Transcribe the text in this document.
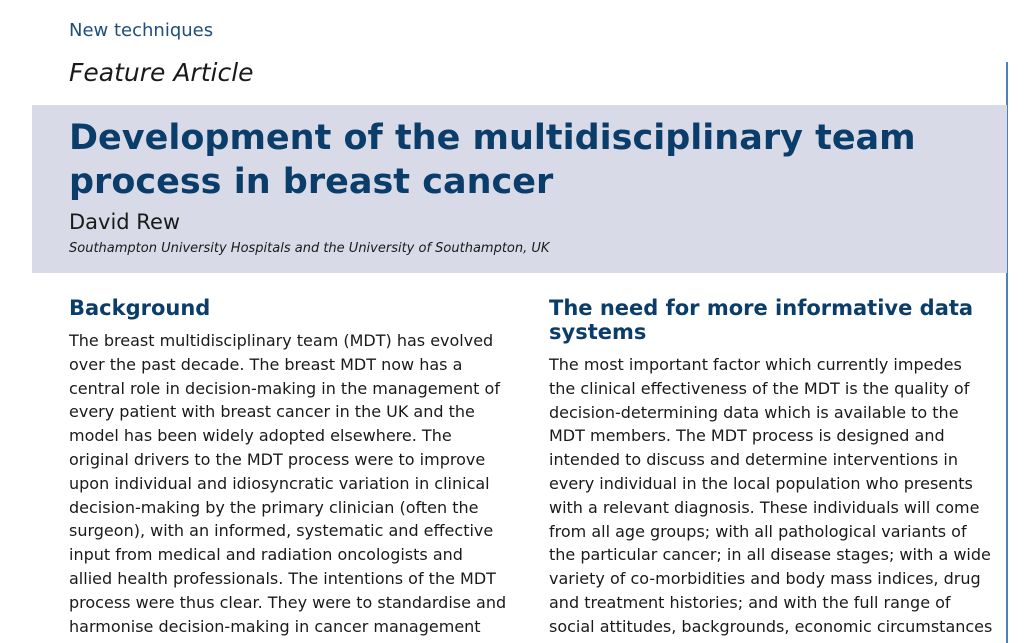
New techniques
Feature Article
Development of the multidisciplinary team process in breast cancer
David Rew
Southampton University Hospitals and the University of Southampton, UK
Background

The breast multidisciplinary team (MDT) has evolved
over the past decade. The breast MDT now has a
central role in decision-making in the management of
every patient with breast cancer in the UK and the
model has been widely adopted elsewhere. The
original drivers to the MDT process were to improve
upon individual and idiosyncratic variation in clinical
decision-making by the primary clinician (often the
surgeon), with an informed, systematic and effective
input from medical and radiation oncologists and
allied health professionals. The intentions of the MDT
process were thus clear. They were to standardise and
harmonise decision-making in cancer management

The need for more informative data systems

The most important factor which currently impedes
the clinical effectiveness of the MDT is the quality of
decision-determining data which is available to the
MDT members. The MDT process is designed and
intended to discuss and determine interventions in
every individual in the local population who presents
with a relevant diagnosis. These individuals will come
from all age groups; with all pathological variants of
the particular cancer; in all disease stages; with a wide
variety of co-morbidities and body mass indices, drug
and treatment histories; and with the full range of
social attitudes, backgrounds, economic circumstances
